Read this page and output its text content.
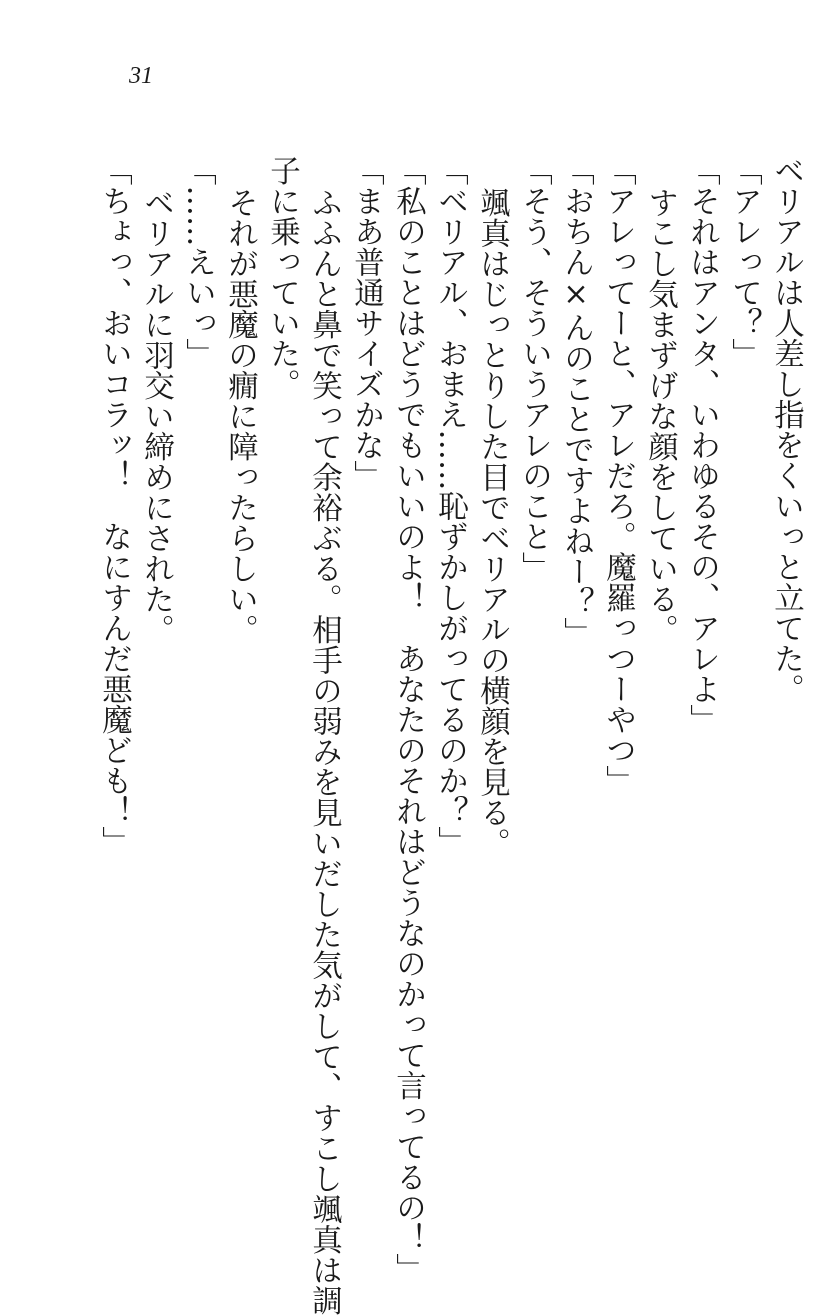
31
ベリアルは人差し指をくいっと立てた。
「アレって？」
「それはアンタ、いわゆるその、アレよ」
すこし気まずげな顔をしている。
「アレってーと、アレだろ。魔羅っつーやつ」
「おちん×んのことですよねー？」
「そう、そういうアレのこと」
颯真はじっとりした目でベリアルの横顔を見る。
「ベリアル、おまえ……恥ずかしがってるのか？」
「私のことはどうでもいいのよ！　あなたのそれはどうなのかって言ってるの！」
「まあ普通サイズかな」
ふふんと鼻で笑って余裕ぶる。相手の弱みを見いだした気がして、すこし颯真は調
子に乗っていた。
それが悪魔の癇に障ったらしい。
「……えいっ」
ベリアルに羽交い締めにされた。
「ちょっ、おいコラッ！　なにすんだ悪魔ども！」
